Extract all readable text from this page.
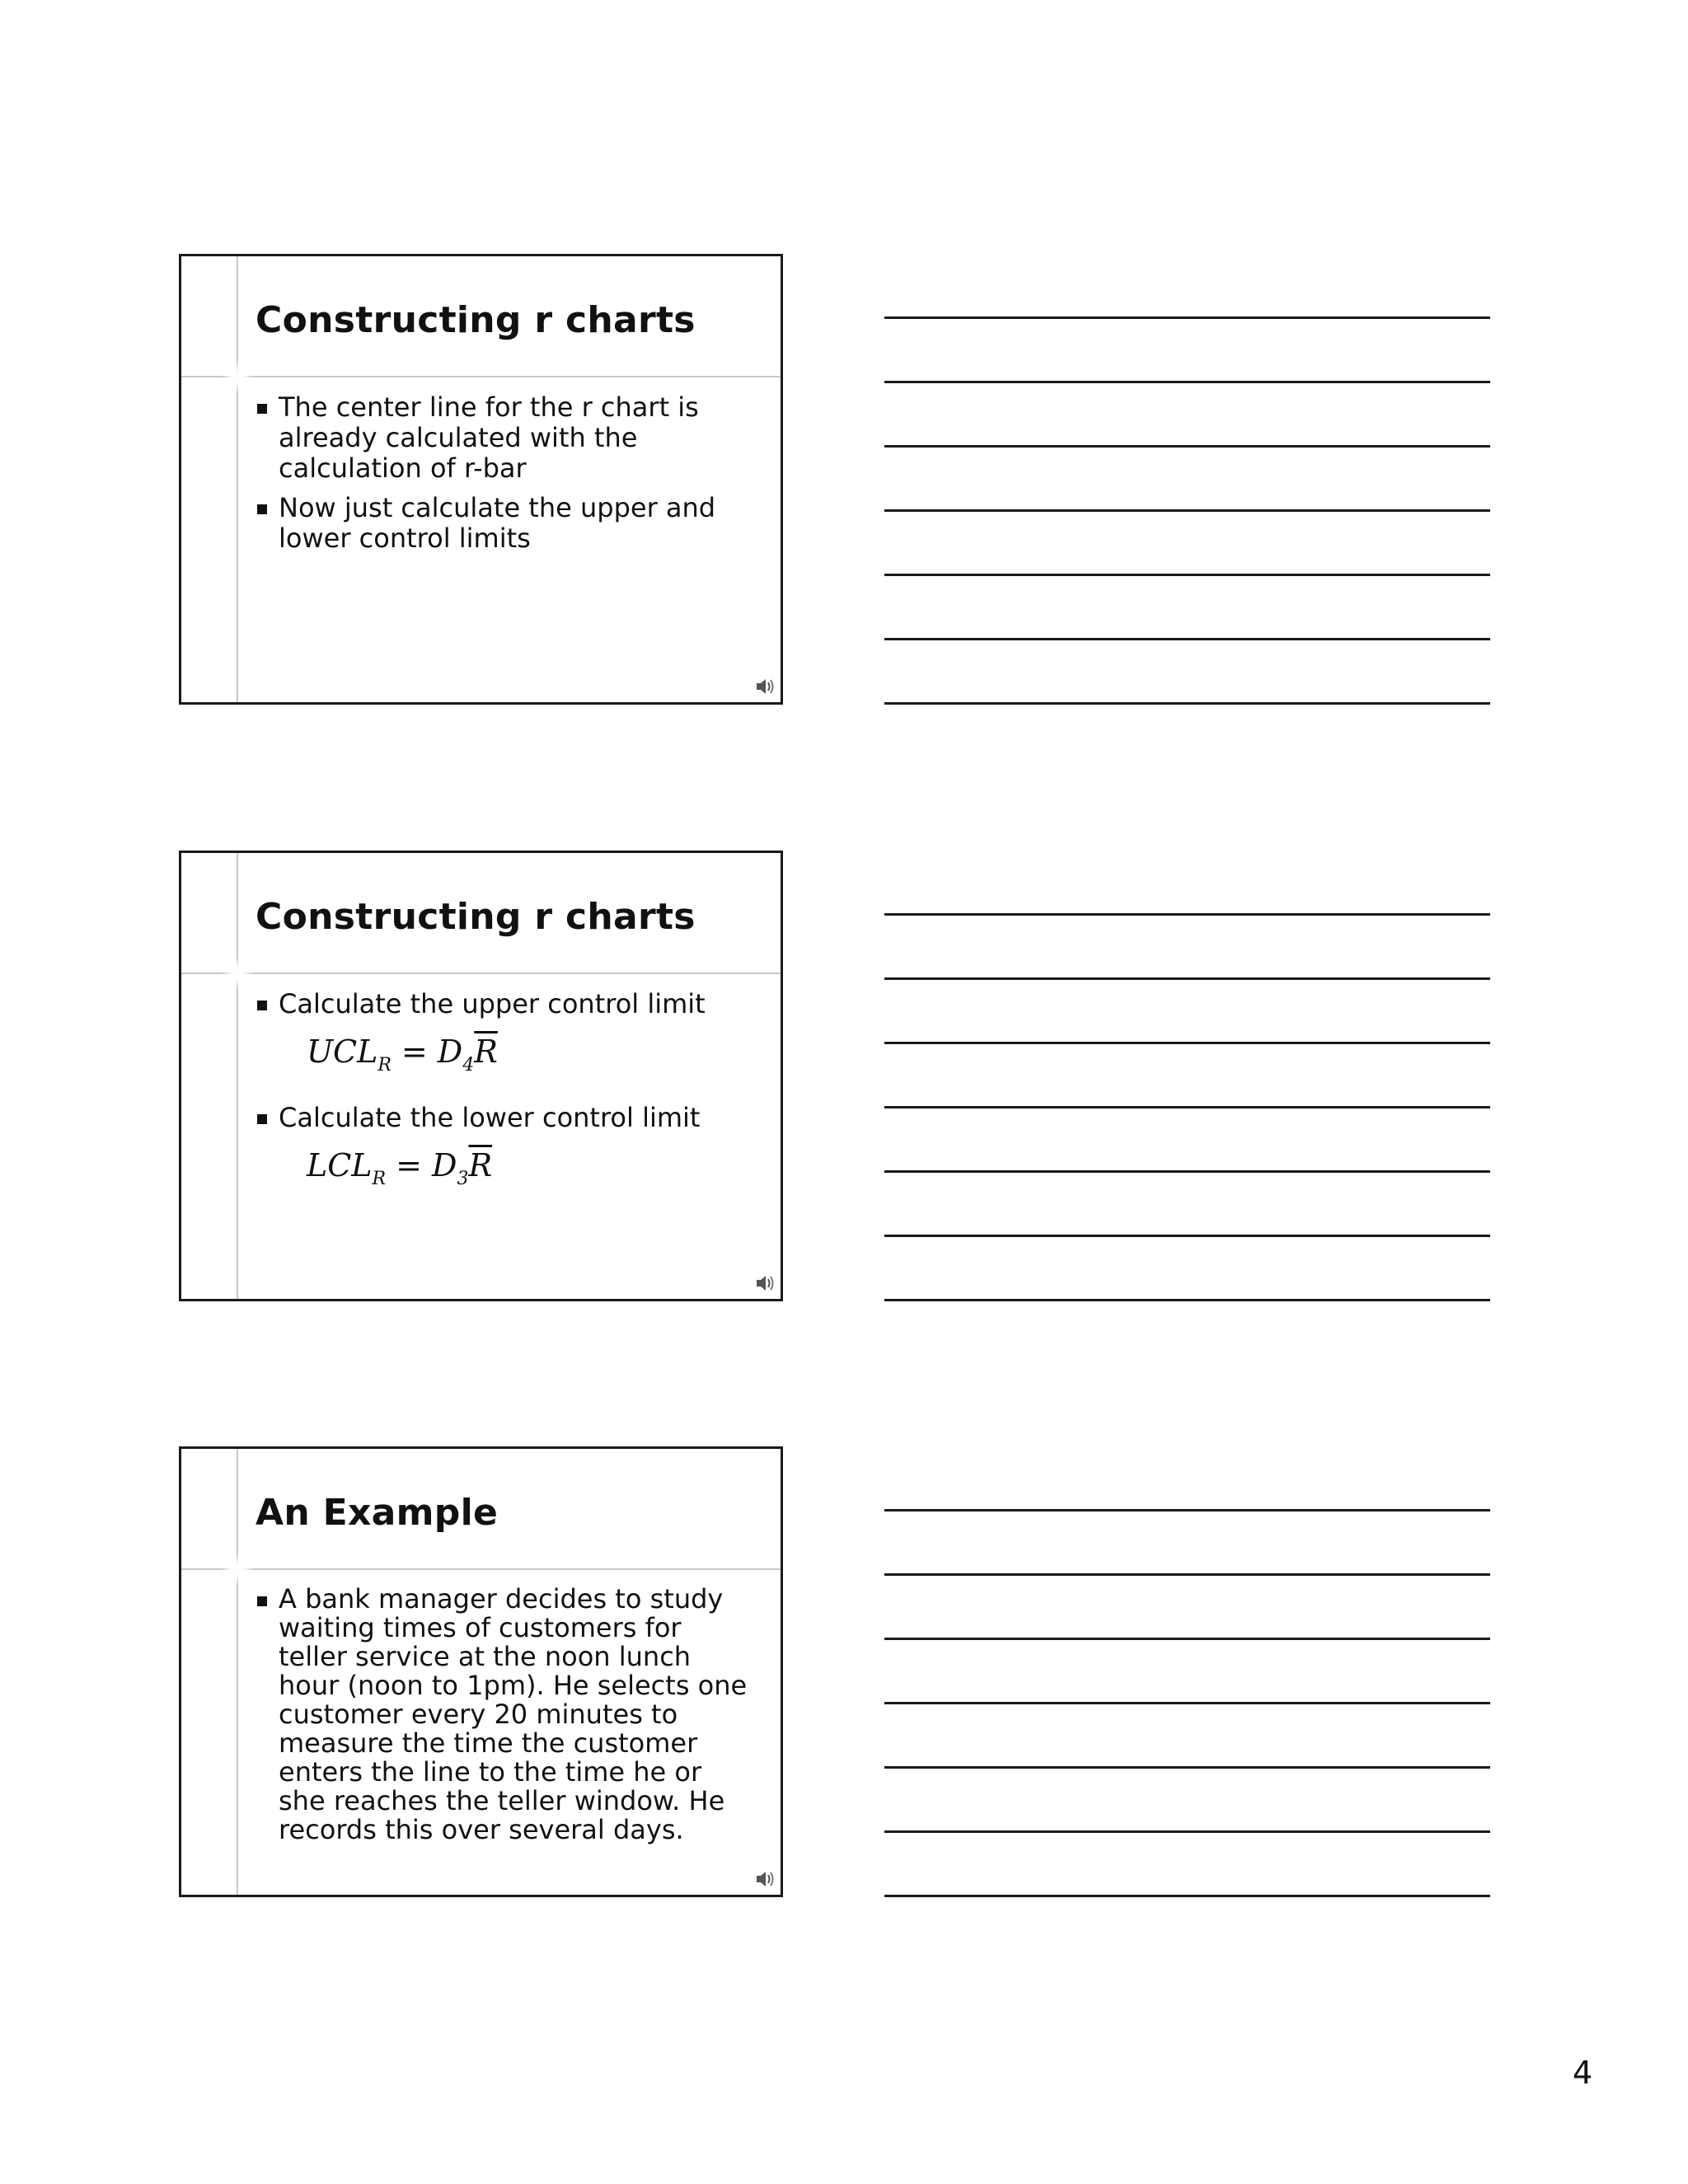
Constructing r charts
The center line for the r chart is already calculated with the calculation of r-bar
Now just calculate the upper and lower control limits
Constructing r charts
Calculate the upper control limit
$UCL_R = D_4\overline{R}$
Calculate the lower control limit
$LCL_R = D_3\overline{R}$
An Example
A bank manager decides to study waiting times of customers for teller service at the noon lunch hour (noon to 1pm). He selects one customer every 20 minutes to measure the time the customer enters the line to the time he or she reaches the teller window. He records this over several days.
4
